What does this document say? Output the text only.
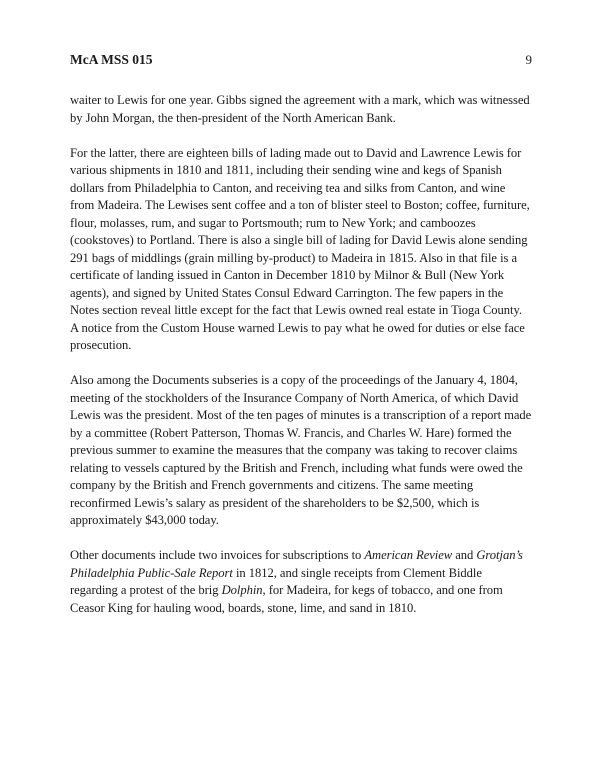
McA MSS 015	9

waiter to Lewis for one year. Gibbs signed the agreement with a mark, which was witnessed by John Morgan, the then-president of the North American Bank.

For the latter, there are eighteen bills of lading made out to David and Lawrence Lewis for various shipments in 1810 and 1811, including their sending wine and kegs of Spanish dollars from Philadelphia to Canton, and receiving tea and silks from Canton, and wine from Madeira. The Lewises sent coffee and a ton of blister steel to Boston; coffee, furniture, flour, molasses, rum, and sugar to Portsmouth; rum to New York; and camboozes (cookstoves) to Portland. There is also a single bill of lading for David Lewis alone sending 291 bags of middlings (grain milling by-product) to Madeira in 1815. Also in that file is a certificate of landing issued in Canton in December 1810 by Milnor & Bull (New York agents), and signed by United States Consul Edward Carrington. The few papers in the Notes section reveal little except for the fact that Lewis owned real estate in Tioga County. A notice from the Custom House warned Lewis to pay what he owed for duties or else face prosecution.

Also among the Documents subseries is a copy of the proceedings of the January 4, 1804, meeting of the stockholders of the Insurance Company of North America, of which David Lewis was the president. Most of the ten pages of minutes is a transcription of a report made by a committee (Robert Patterson, Thomas W. Francis, and Charles W. Hare) formed the previous summer to examine the measures that the company was taking to recover claims relating to vessels captured by the British and French, including what funds were owed the company by the British and French governments and citizens. The same meeting reconfirmed Lewis’s salary as president of the shareholders to be $2,500, which is approximately $43,000 today.

Other documents include two invoices for subscriptions to American Review and Grotjan’s Philadelphia Public-Sale Report in 1812, and single receipts from Clement Biddle regarding a protest of the brig Dolphin, for Madeira, for kegs of tobacco, and one from Ceasor King for hauling wood, boards, stone, lime, and sand in 1810.
